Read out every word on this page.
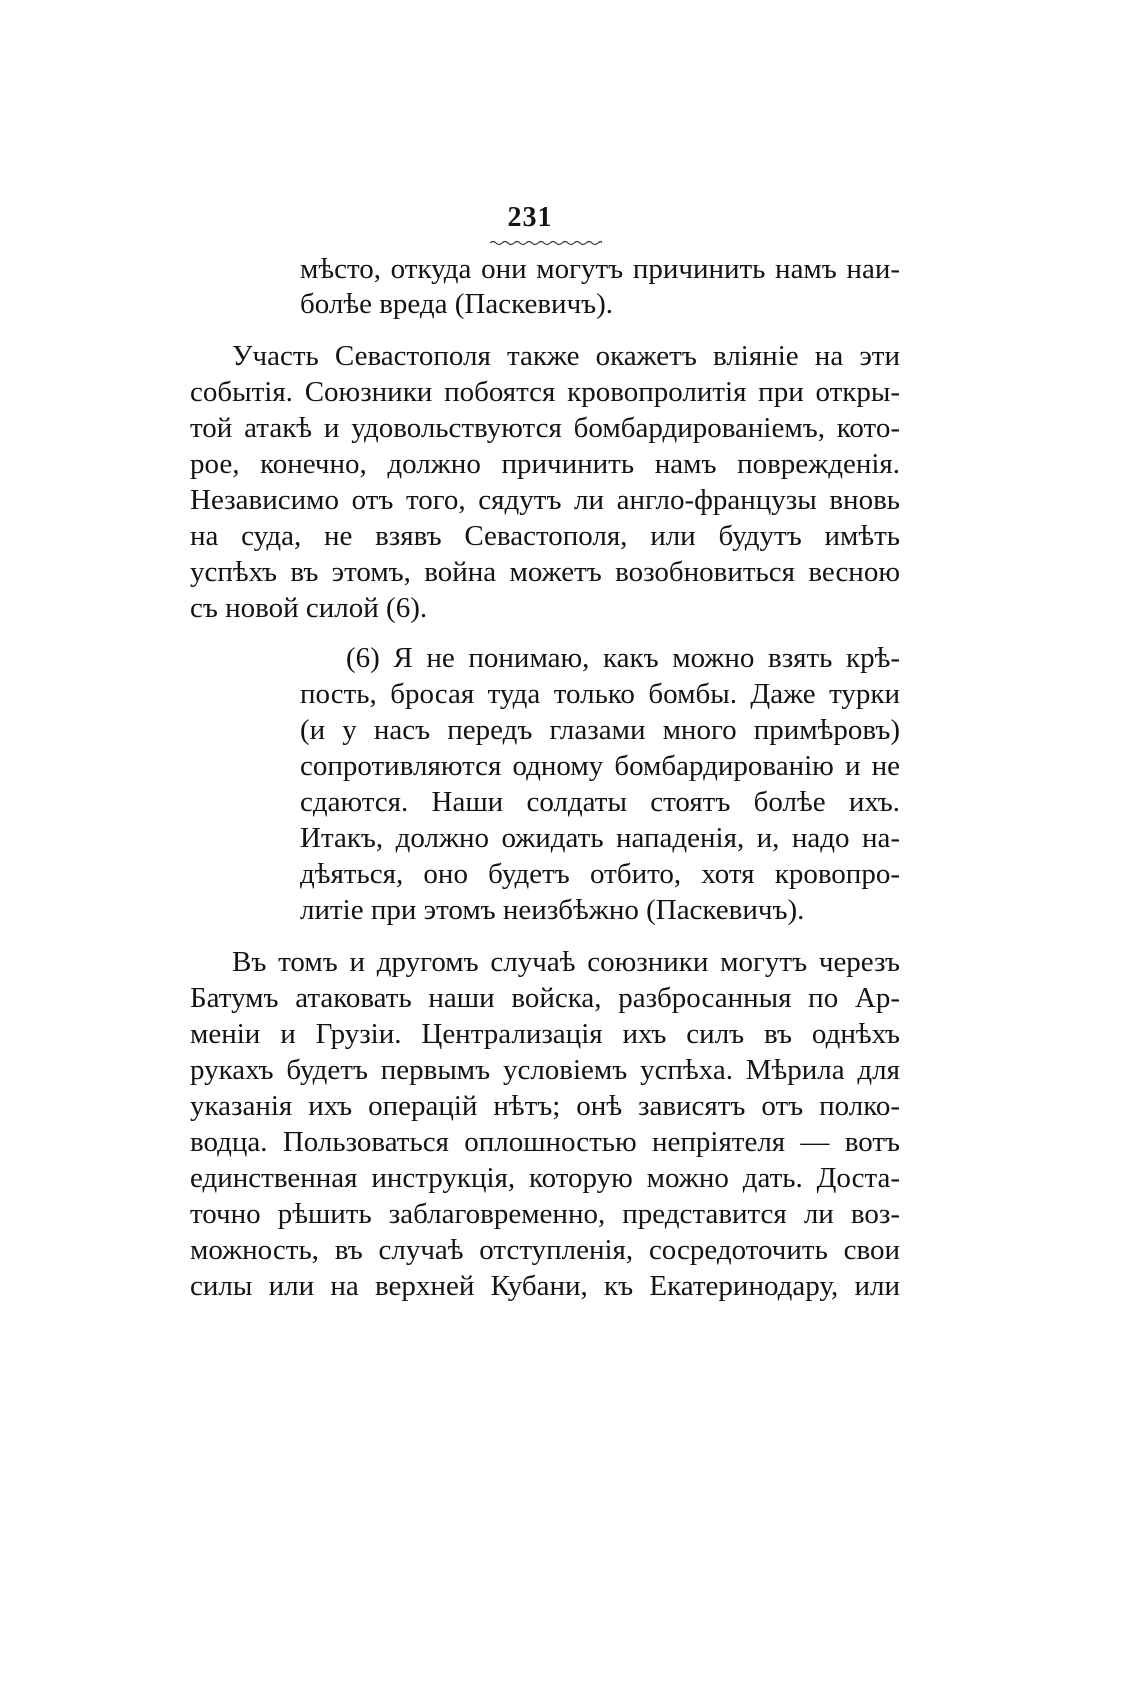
231
мѣсто, откуда они могутъ причинить намъ наи-
болѣе вреда (Паскевичъ).
Участь Севастополя также окажетъ вліяніе на эти
событія. Союзники побоятся кровопролитія при откры-
той атакѣ и удовольствуются бомбардированіемъ, кото-
рое, конечно, должно причинить намъ поврежденія.
Независимо отъ того, сядутъ ли англо-французы вновь
на суда, не взявъ Севастополя, или будутъ имѣть
успѣхъ въ этомъ, война можетъ возобновиться весною
съ новой силой (6).
(6) Я не понимаю, какъ можно взять крѣ-
пость, бросая туда только бомбы. Даже турки
(и у насъ передъ глазами много примѣровъ)
сопротивляются одному бомбардированію и не
сдаются. Наши солдаты стоятъ болѣе ихъ.
Итакъ, должно ожидать нападенія, и, надо на-
дѣяться, оно будетъ отбито, хотя кровопро-
литіе при этомъ неизбѣжно (Паскевичъ).
Въ томъ и другомъ случаѣ союзники могутъ черезъ
Батумъ атаковать наши войска, разбросанныя по Ар-
меніи и Грузіи. Централизація ихъ силъ въ однѣхъ
рукахъ будетъ первымъ условіемъ успѣха. Мѣрила для
указанія ихъ операцій нѣтъ; онѣ зависятъ отъ полко-
водца. Пользоваться оплошностью непріятеля — вотъ
единственная инструкція, которую можно дать. Доста-
точно рѣшить заблаговременно, представится ли воз-
можность, въ случаѣ отступленія, сосредоточить свои
силы или на верхней Кубани, къ Екатеринодару, или
